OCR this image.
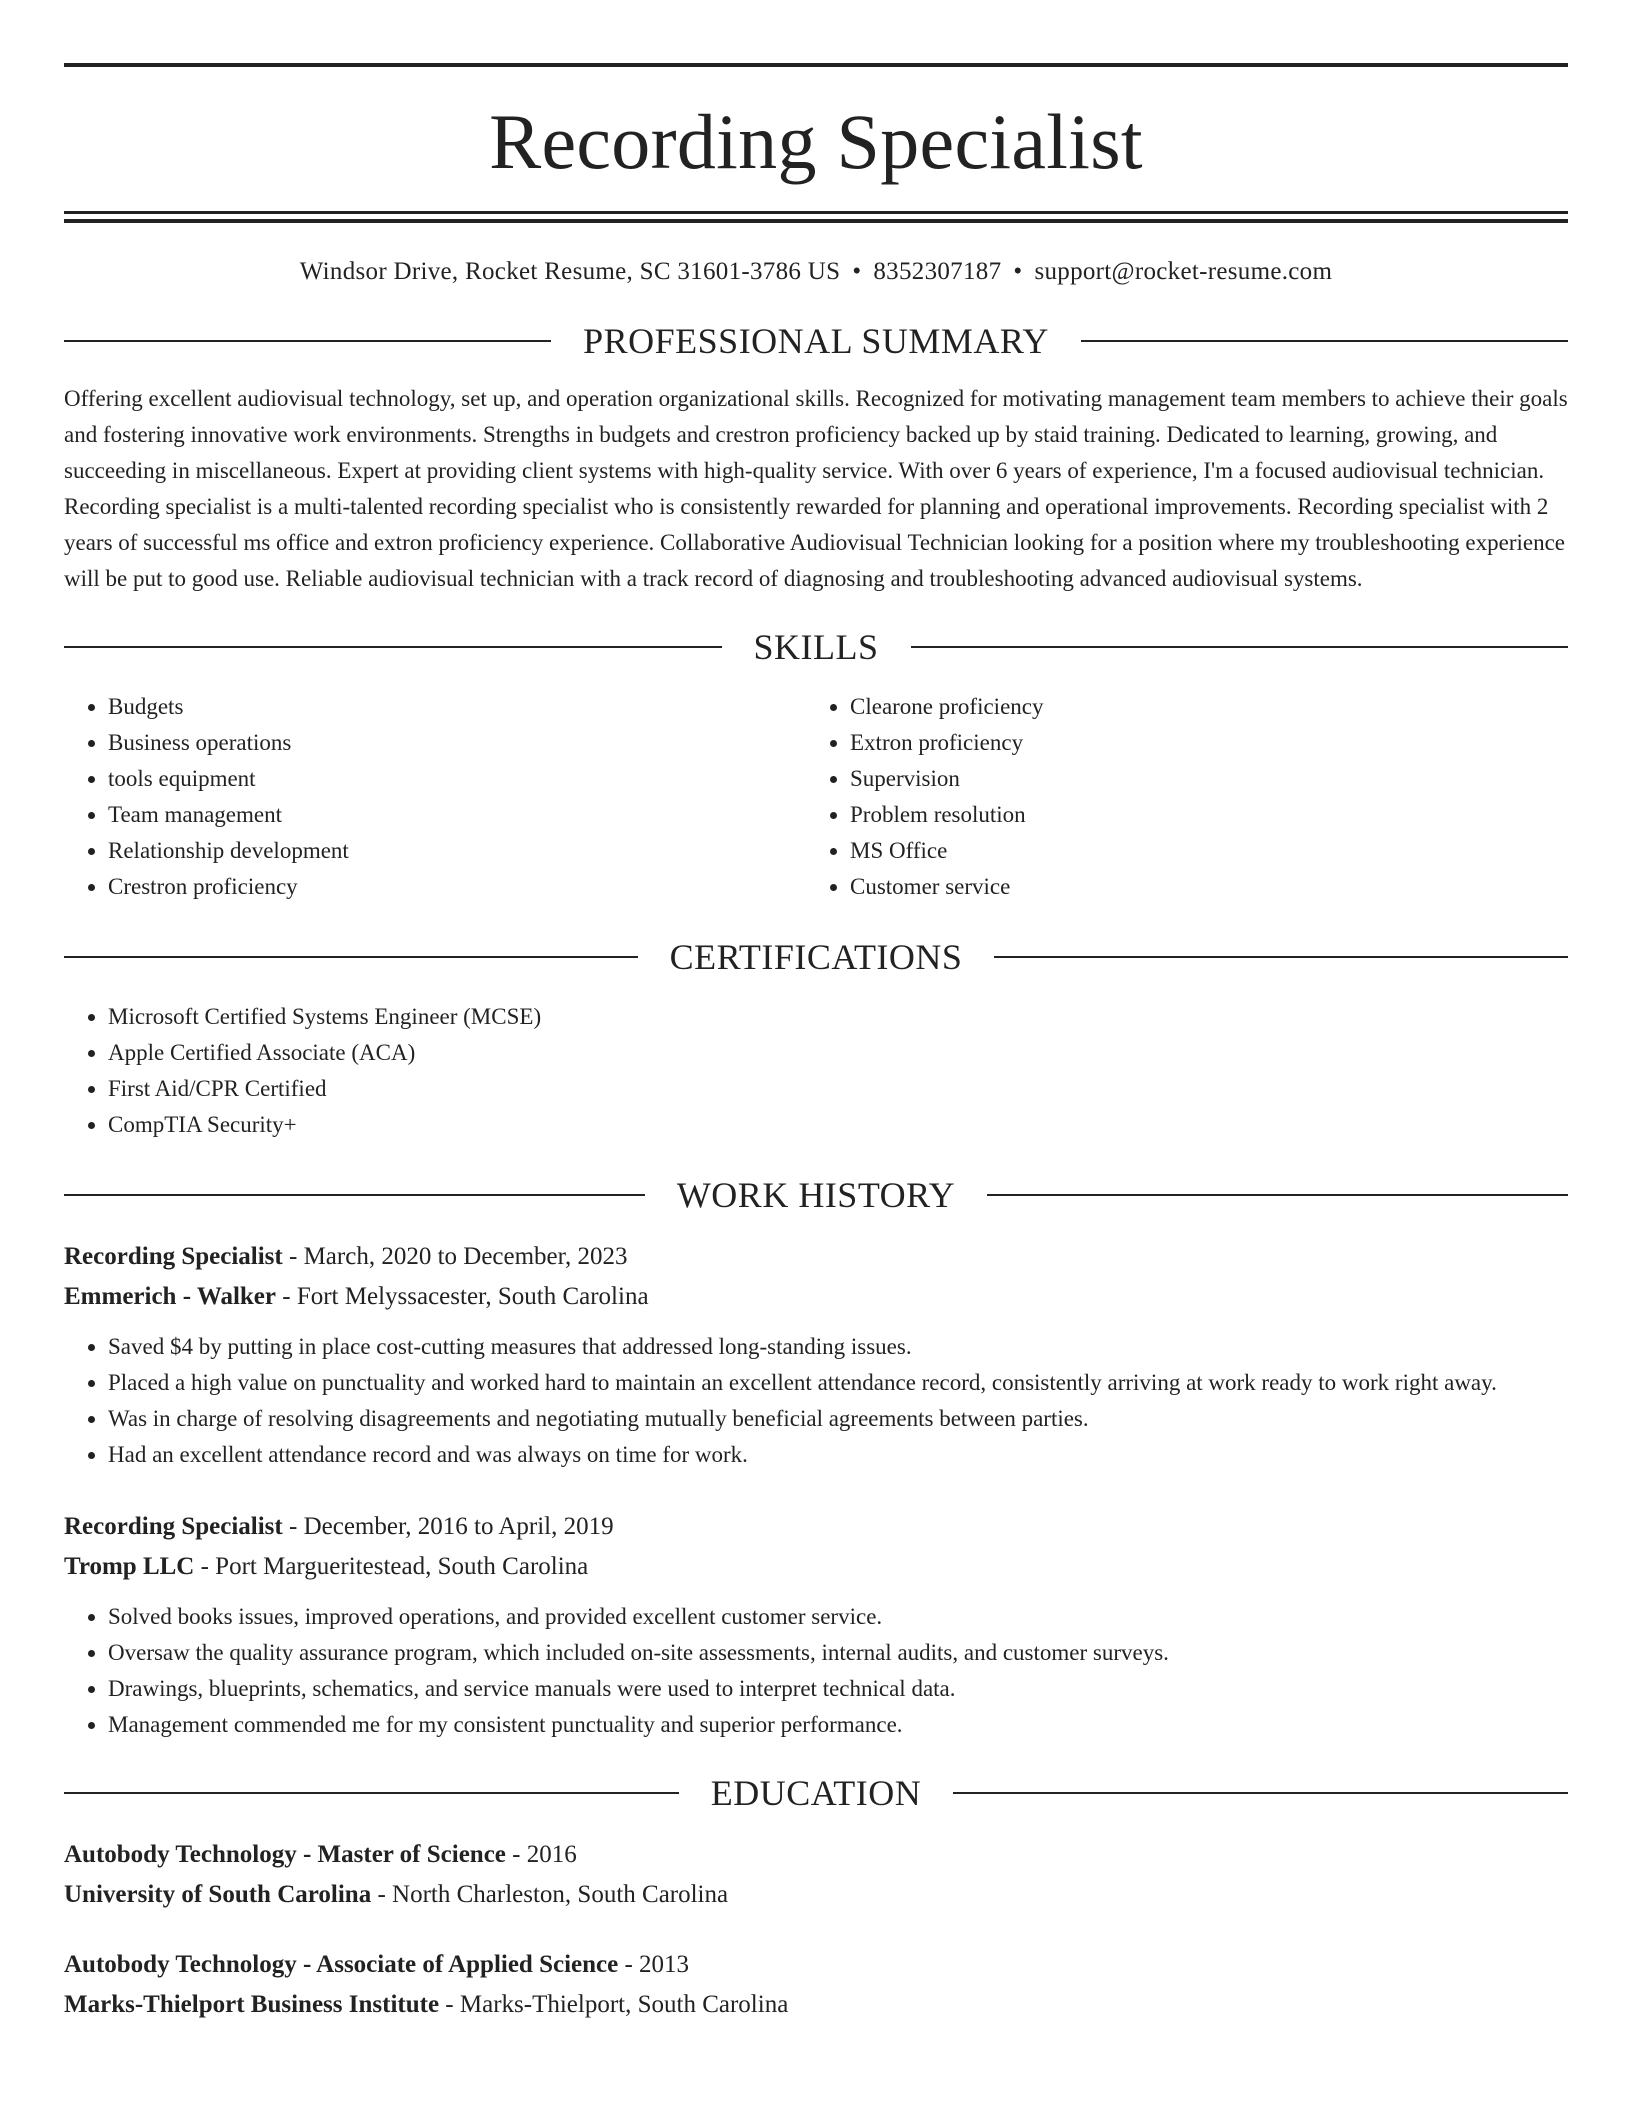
Recording Specialist
Windsor Drive, Rocket Resume, SC 31601-3786 US • 8352307187 • support@rocket-resume.com
PROFESSIONAL SUMMARY
Offering excellent audiovisual technology, set up, and operation organizational skills. Recognized for motivating management team members to achieve their goals and fostering innovative work environments. Strengths in budgets and crestron proficiency backed up by staid training. Dedicated to learning, growing, and succeeding in miscellaneous. Expert at providing client systems with high-quality service. With over 6 years of experience, I'm a focused audiovisual technician. Recording specialist is a multi-talented recording specialist who is consistently rewarded for planning and operational improvements. Recording specialist with 2 years of successful ms office and extron proficiency experience. Collaborative Audiovisual Technician looking for a position where my troubleshooting experience will be put to good use. Reliable audiovisual technician with a track record of diagnosing and troubleshooting advanced audiovisual systems.
SKILLS
• Budgets
• Business operations
• tools equipment
• Team management
• Relationship development
• Crestron proficiency
• Clearone proficiency
• Extron proficiency
• Supervision
• Problem resolution
• MS Office
• Customer service
CERTIFICATIONS
• Microsoft Certified Systems Engineer (MCSE)
• Apple Certified Associate (ACA)
• First Aid/CPR Certified
• CompTIA Security+
WORK HISTORY
Recording Specialist - March, 2020 to December, 2023
Emmerich - Walker - Fort Melyssacester, South Carolina
• Saved $4 by putting in place cost-cutting measures that addressed long-standing issues.
• Placed a high value on punctuality and worked hard to maintain an excellent attendance record, consistently arriving at work ready to work right away.
• Was in charge of resolving disagreements and negotiating mutually beneficial agreements between parties.
• Had an excellent attendance record and was always on time for work.
Recording Specialist - December, 2016 to April, 2019
Tromp LLC - Port Margueritestead, South Carolina
• Solved books issues, improved operations, and provided excellent customer service.
• Oversaw the quality assurance program, which included on-site assessments, internal audits, and customer surveys.
• Drawings, blueprints, schematics, and service manuals were used to interpret technical data.
• Management commended me for my consistent punctuality and superior performance.
EDUCATION
Autobody Technology - Master of Science - 2016
University of South Carolina - North Charleston, South Carolina
Autobody Technology - Associate of Applied Science - 2013
Marks-Thielport Business Institute - Marks-Thielport, South Carolina
